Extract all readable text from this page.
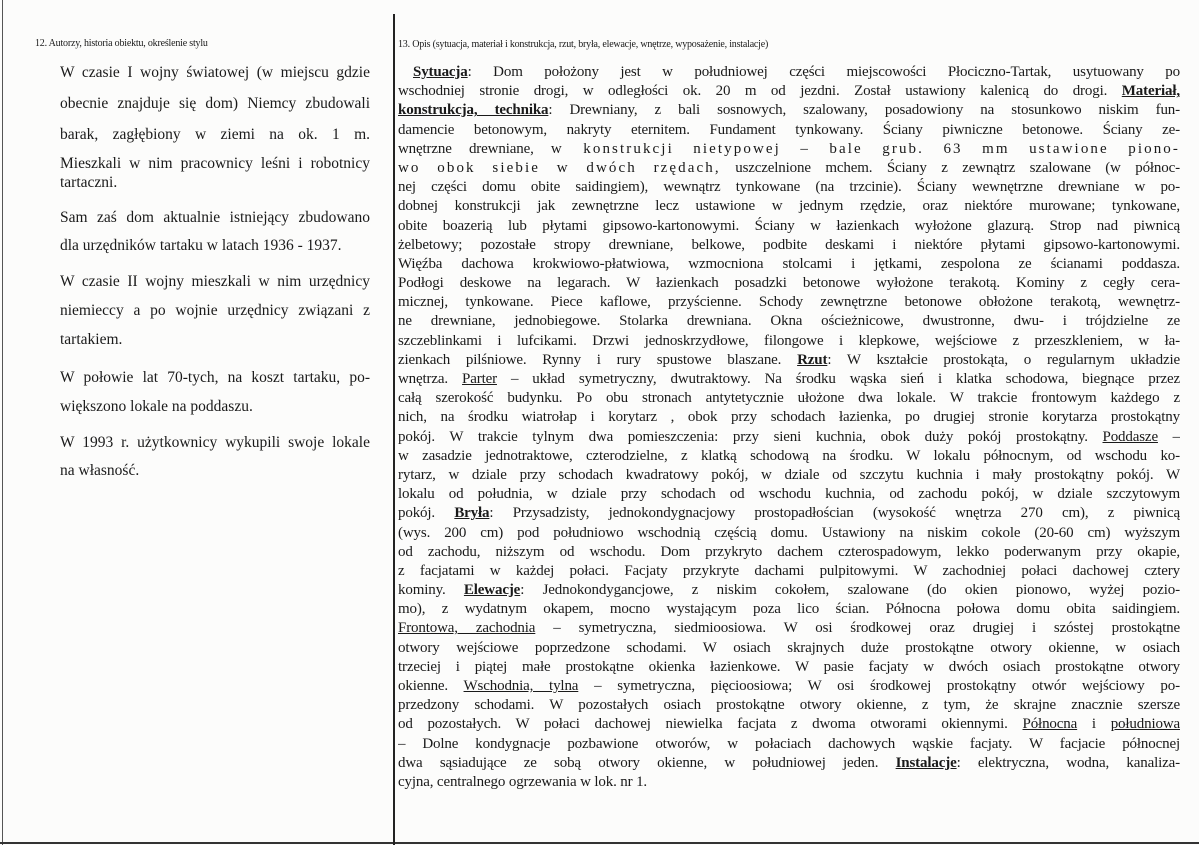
12. Autorzy, historia obiektu, określenie stylu
W czasie I wojny światowej (w miejscu gdzie
obecnie znajduje się dom) Niemcy zbudowali
barak, zagłębiony w ziemi na ok. 1 m.
Mieszkali w nim pracownicy leśni i robotnicy
tartaczni.
Sam zaś dom aktualnie istniejący zbudowano
dla urzędników tartaku w latach 1936 - 1937.
W czasie II wojny mieszkali w nim urzędnicy
niemieccy a po wojnie urzędnicy związani z
tartakiem.
W połowie lat 70-tych, na koszt tartaku, po-
większono lokale na poddaszu.
W 1993 r. użytkownicy wykupili swoje lokale
na własność.
13. Opis (sytuacja, materiał i konstrukcja, rzut, bryła, elewacje, wnętrze, wyposażenie, instalacje)
Sytuacja: Dom położony jest w południowej części miejscowości Płociczno-Tartak, usytuowany po
wschodniej stronie drogi, w odległości ok. 20 m od jezdni. Został ustawiony kalenicą do drogi. Materiał,
konstrukcja, technika: Drewniany, z bali sosnowych, szalowany, posadowiony na stosunkowo niskim fun-
damencie betonowym, nakryty eternitem. Fundament tynkowany. Ściany piwniczne betonowe. Ściany ze-
wnętrzne drewniane, w konstrukcji nietypowej – bale grub. 63 mm ustawione piono-
wo obok siebie w dwóch rzędach, uszczelnione mchem. Ściany z zewnątrz szalowane (w północ-
nej części domu obite saidingiem), wewnątrz tynkowane (na trzcinie). Ściany wewnętrzne drewniane w po-
dobnej konstrukcji jak zewnętrzne lecz ustawione w jednym rzędzie, oraz niektóre murowane; tynkowane,
obite boazerią lub płytami gipsowo-kartonowymi. Ściany w łazienkach wyłożone glazurą. Strop nad piwnicą
żelbetowy; pozostałe stropy drewniane, belkowe, podbite deskami i niektóre płytami gipsowo-kartonowymi.
Więźba dachowa krokwiowo-płatwiowa, wzmocniona stolcami i jętkami, zespolona ze ścianami poddasza.
Podłogi deskowe na legarach. W łazienkach posadzki betonowe wyłożone terakotą. Kominy z cegły cera-
micznej, tynkowane. Piece kaflowe, przyścienne. Schody zewnętrzne betonowe obłożone terakotą, wewnętrz-
ne drewniane, jednobiegowe. Stolarka drewniana. Okna ościeżnicowe, dwustronne, dwu- i trójdzielne ze
szczeblinkami i lufcikami. Drzwi jednoskrzydłowe, filongowe i klepkowe, wejściowe z przeszkleniem, w ła-
zienkach pilśniowe. Rynny i rury spustowe blaszane. Rzut: W kształcie prostokąta, o regularnym układzie
wnętrza. Parter – układ symetryczny, dwutraktowy. Na środku wąska sień i klatka schodowa, biegnące przez
całą szerokość budynku. Po obu stronach antytetycznie ułożone dwa lokale. W trakcie frontowym każdego z
nich, na środku wiatrołap i korytarz , obok przy schodach łazienka, po drugiej stronie korytarza prostokątny
pokój. W trakcie tylnym dwa pomieszczenia: przy sieni kuchnia, obok duży pokój prostokątny. Poddasze –
w zasadzie jednotraktowe, czterodzielne, z klatką schodową na środku. W lokalu północnym, od wschodu ko-
rytarz, w dziale przy schodach kwadratowy pokój, w dziale od szczytu kuchnia i mały prostokątny pokój. W
lokalu od południa, w dziale przy schodach od wschodu kuchnia, od zachodu pokój, w dziale szczytowym
pokój. Bryła: Przysadzisty, jednokondygnacjowy prostopadłościan (wysokość wnętrza 270 cm), z piwnicą
(wys. 200 cm) pod południowo wschodnią częścią domu. Ustawiony na niskim cokole (20-60 cm) wyższym
od zachodu, niższym od wschodu. Dom przykryto dachem czterospadowym, lekko poderwanym przy okapie,
z facjatami w każdej połaci. Facjaty przykryte dachami pulpitowymi. W zachodniej połaci dachowej cztery
kominy. Elewacje: Jednokondygancjowe, z niskim cokołem, szalowane (do okien pionowo, wyżej pozio-
mo), z wydatnym okapem, mocno wystającym poza lico ścian. Północna połowa domu obita saidingiem.
Frontowa, zachodnia – symetryczna, siedmioosiowa. W osi środkowej oraz drugiej i szóstej prostokątne
otwory wejściowe poprzedzone schodami. W osiach skrajnych duże prostokątne otwory okienne, w osiach
trzeciej i piątej małe prostokątne okienka łazienkowe. W pasie facjaty w dwóch osiach prostokątne otwory
okienne. Wschodnia, tylna – symetryczna, pięcioosiowa; W osi środkowej prostokątny otwór wejściowy po-
przedzony schodami. W pozostałych osiach prostokątne otwory okienne, z tym, że skrajne znacznie szersze
od pozostałych. W połaci dachowej niewielka facjata z dwoma otworami okiennymi. Północna i południowa
– Dolne kondygnacje pozbawione otworów, w połaciach dachowych wąskie facjaty. W facjacie północnej
dwa sąsiadujące ze sobą otwory okienne, w południowej jeden. Instalacje: elektryczna, wodna, kanaliza-
cyjna, centralnego ogrzewania w lok. nr 1.
